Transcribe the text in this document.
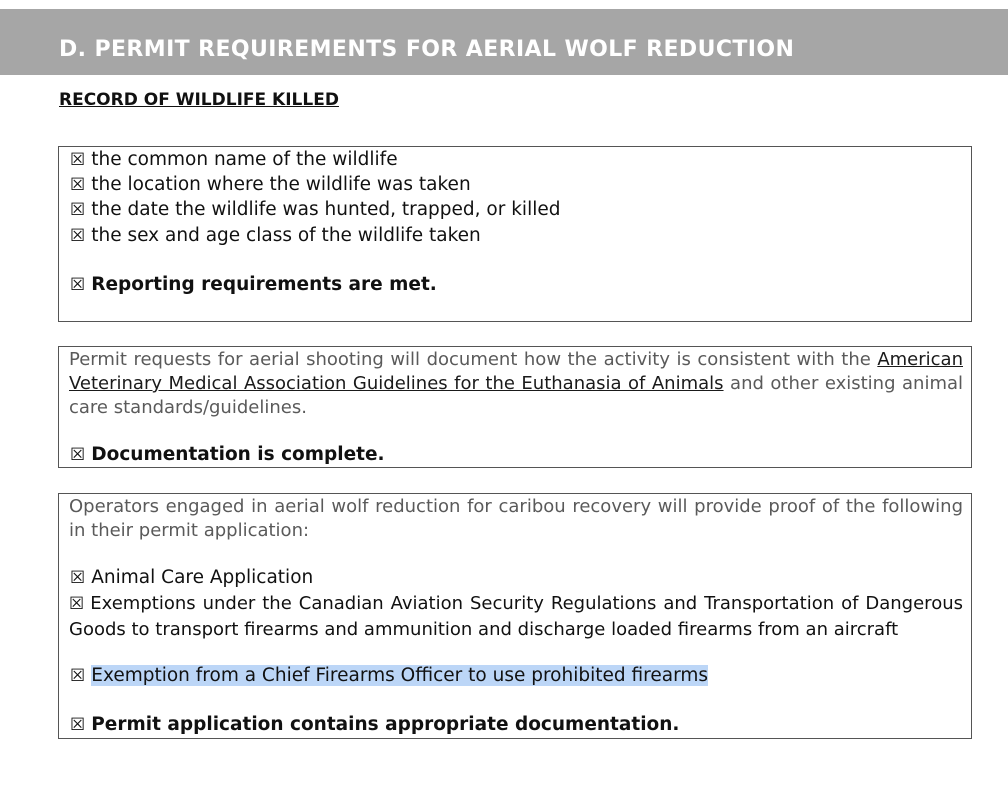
D. PERMIT REQUIREMENTS FOR AERIAL WOLF REDUCTION
RECORD OF WILDLIFE KILLED
☒ the common name of the wildlife
☒ the location where the wildlife was taken
☒ the date the wildlife was hunted, trapped, or killed
☒ the sex and age class of the wildlife taken
☒ Reporting requirements are met.
Permit requests for aerial shooting will document how the activity is consistent with the American Veterinary Medical Association Guidelines for the Euthanasia of Animals and other existing animal care standards/guidelines.
☒ Documentation is complete.
Operators engaged in aerial wolf reduction for caribou recovery will provide proof of the following in their permit application:
☒ Animal Care Application
☒ Exemptions under the Canadian Aviation Security Regulations and Transportation of Dangerous Goods to transport firearms and ammunition and discharge loaded firearms from an aircraft
☒ Exemption from a Chief Firearms Officer to use prohibited firearms
☒ Permit application contains appropriate documentation.
